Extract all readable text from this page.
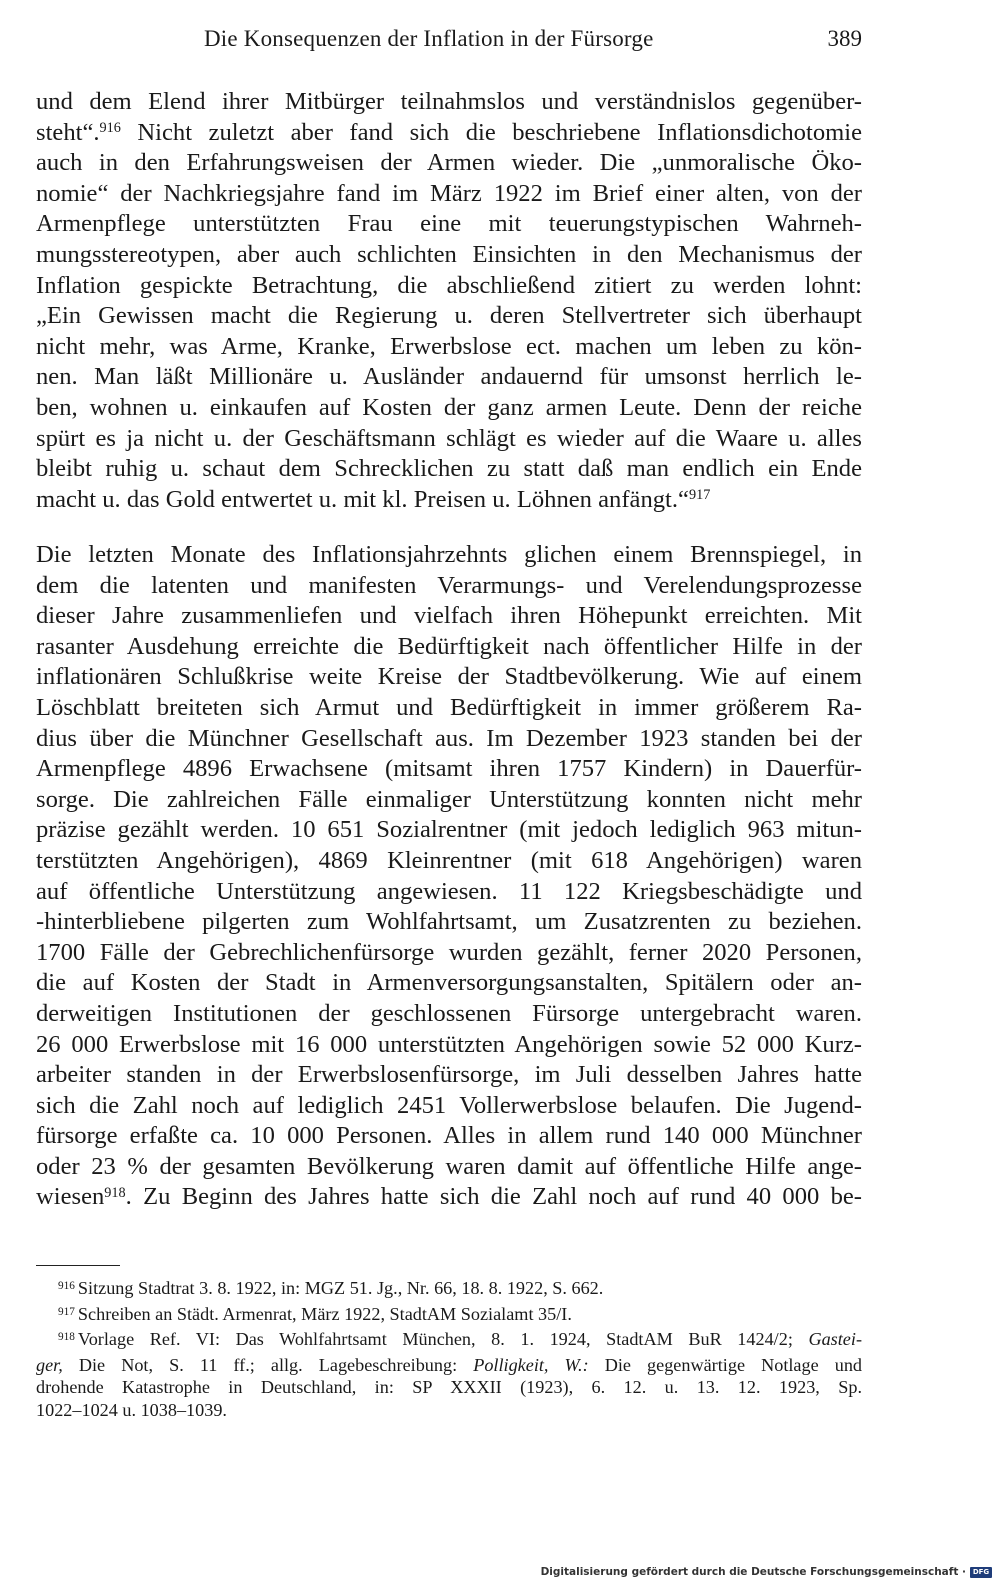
Die Konsequenzen der Inflation in der Fürsorge	389
und dem Elend ihrer Mitbürger teilnahmslos und verständnislos gegenüber-
steht“.$^{916}$ Nicht zuletzt aber fand sich die beschriebene Inflationsdichotomie
auch in den Erfahrungsweisen der Armen wieder. Die „unmoralische Öko-
nomie“ der Nachkriegsjahre fand im März 1922 im Brief einer alten, von der
Armenpflege unterstützten Frau eine mit teuerungstypischen Wahrneh-
mungsstereotypen, aber auch schlichten Einsichten in den Mechanismus der
Inflation gespickte Betrachtung, die abschließend zitiert zu werden lohnt:
„Ein Gewissen macht die Regierung u. deren Stellvertreter sich überhaupt
nicht mehr, was Arme, Kranke, Erwerbslose ect. machen um leben zu kön-
nen. Man läßt Millionäre u. Ausländer andauernd für umsonst herrlich le-
ben, wohnen u. einkaufen auf Kosten der ganz armen Leute. Denn der reiche
spürt es ja nicht u. der Geschäftsmann schlägt es wieder auf die Waare u. alles
bleibt ruhig u. schaut dem Schrecklichen zu statt daß man endlich ein Ende
macht u. das Gold entwertet u. mit kl. Preisen u. Löhnen anfängt.“$^{917}$
Die letzten Monate des Inflationsjahrzehnts glichen einem Brennspiegel, in
dem die latenten und manifesten Verarmungs- und Verelendungsprozesse
dieser Jahre zusammenliefen und vielfach ihren Höhepunkt erreichten. Mit
rasanter Ausdehung erreichte die Bedürftigkeit nach öffentlicher Hilfe in der
inflationären Schlußkrise weite Kreise der Stadtbevölkerung. Wie auf einem
Löschblatt breiteten sich Armut und Bedürftigkeit in immer größerem Ra-
dius über die Münchner Gesellschaft aus. Im Dezember 1923 standen bei der
Armenpflege 4896 Erwachsene (mitsamt ihren 1757 Kindern) in Dauerfür-
sorge. Die zahlreichen Fälle einmaliger Unterstützung konnten nicht mehr
präzise gezählt werden. 10 651 Sozialrentner (mit jedoch lediglich 963 mitun-
terstützten Angehörigen), 4869 Kleinrentner (mit 618 Angehörigen) waren
auf öffentliche Unterstützung angewiesen. 11 122 Kriegsbeschädigte und
-hinterbliebene pilgerten zum Wohlfahrtsamt, um Zusatzrenten zu beziehen.
1700 Fälle der Gebrechlichenfürsorge wurden gezählt, ferner 2020 Personen,
die auf Kosten der Stadt in Armenversorgungsanstalten, Spitälern oder an-
derweitigen Institutionen der geschlossenen Fürsorge untergebracht waren.
26 000 Erwerbslose mit 16 000 unterstützten Angehörigen sowie 52 000 Kurz-
arbeiter standen in der Erwerbslosenfürsorge, im Juli desselben Jahres hatte
sich die Zahl noch auf lediglich 2451 Vollerwerbslose belaufen. Die Jugend-
fürsorge erfaßte ca. 10 000 Personen. Alles in allem rund 140 000 Münchner
oder 23 % der gesamten Bevölkerung waren damit auf öffentliche Hilfe ange-
wiesen$^{918}$. Zu Beginn des Jahres hatte sich die Zahl noch auf rund 40 000 be-
$^{916}$ Sitzung Stadtrat 3. 8. 1922, in: MGZ 51. Jg., Nr. 66, 18. 8. 1922, S. 662.
$^{917}$ Schreiben an Städt. Armenrat, März 1922, StadtAM Sozialamt 35/I.
$^{918}$ Vorlage Ref. VI: Das Wohlfahrtsamt München, 8. 1. 1924, StadtAM BuR 1424/2; Gastei-
ger, Die Not, S. 11 ff.; allg. Lagebeschreibung: Polligkeit, W.: Die gegenwärtige Notlage und
drohende Katastrophe in Deutschland, in: SP XXXII (1923), 6. 12. u. 13. 12. 1923, Sp.
1022–1024 u. 1038–1039.
Digitalisierung gefördert durch die Deutsche Forschungsgemeinschaft · DFG
